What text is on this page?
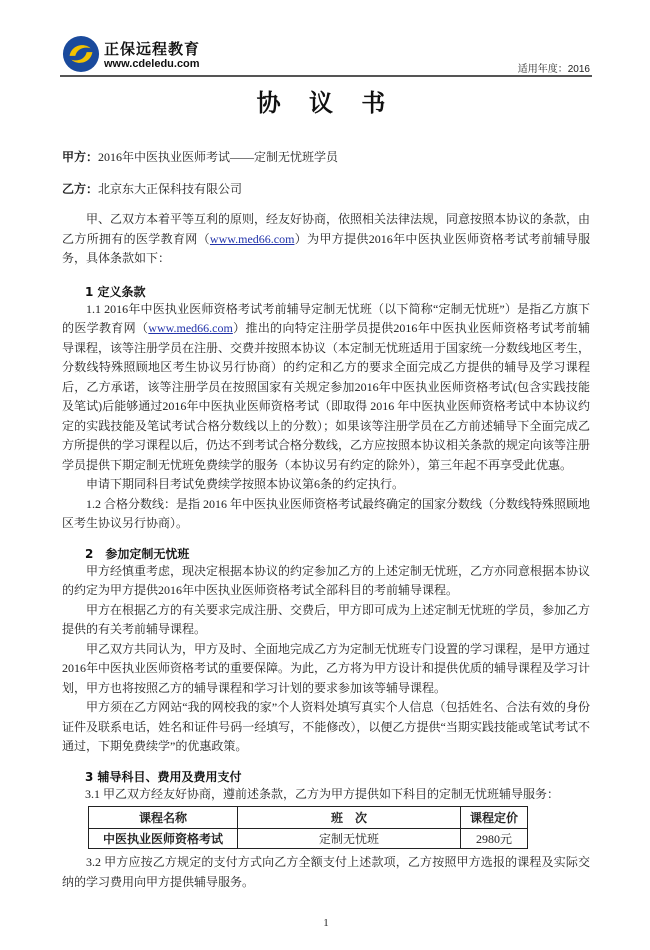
正保远程教育
www.cdeledu.com	适用年度：2016
协 议 书
甲方：2016年中医执业医师考试——定制无忧班学员
乙方：北京东大正保科技有限公司
甲、乙双方本着平等互利的原则，经友好协商，依照相关法律法规，同意按照本协议的条款，由乙方所拥有的医学教育网（www.med66.com）为甲方提供2016年中医执业医师资格考试考前辅导服务，具体条款如下：
1 定义条款
1.1 2016年中医执业医师资格考试考前辅导定制无忧班（以下简称“定制无忧班”）是指乙方旗下的医学教育网（www.med66.com）推出的向特定注册学员提供2016年中医执业医师资格考试考前辅导课程，该等注册学员在注册、交费并按照本协议（本定制无忧班适用于国家统一分数线地区考生，分数线特殊照顾地区考生协议另行协商）的约定和乙方的要求全面完成乙方提供的辅导及学习课程后，乙方承诺，该等注册学员在按照国家有关规定参加2016年中医执业医师资格考试(包含实践技能及笔试)后能够通过2016年中医执业医师资格考试（即取得 2016 年中医执业医师资格考试中本协议约定的实践技能及笔试考试合格分数线以上的分数）；如果该等注册学员在乙方前述辅导下全面完成乙方所提供的学习课程以后，仍达不到考试合格分数线，乙方应按照本协议相关条款的规定向该等注册学员提供下期定制无忧班免费续学的服务（本协议另有约定的除外），第三年起不再享受此优惠。
申请下期同科目考试免费续学按照本协议第6条的约定执行。
1.2 合格分数线：是指 2016 年中医执业医师资格考试最终确定的国家分数线（分数线特殊照顾地区考生协议另行协商）。
2　参加定制无忧班
甲方经慎重考虑，现决定根据本协议的约定参加乙方的上述定制无忧班，乙方亦同意根据本协议的约定为甲方提供2016年中医执业医师资格考试全部科目的考前辅导课程。
甲方在根据乙方的有关要求完成注册、交费后，甲方即可成为上述定制无忧班的学员，参加乙方提供的有关考前辅导课程。
甲乙双方共同认为，甲方及时、全面地完成乙方为定制无忧班专门设置的学习课程，是甲方通过2016年中医执业医师资格考试的重要保障。为此，乙方将为甲方设计和提供优质的辅导课程及学习计划，甲方也将按照乙方的辅导课程和学习计划的要求参加该等辅导课程。
甲方须在乙方网站“我的网校我的家”个人资料处填写真实个人信息（包括姓名、合法有效的身份证件及联系电话，姓名和证件号码一经填写，不能修改），以便乙方提供“当期实践技能或笔试考试不通过，下期免费续学”的优惠政策。
3 辅导科目、费用及费用支付
3.1 甲乙双方经友好协商，遵前述条款，乙方为甲方提供如下科目的定制无忧班辅导服务：
课程名称	班　次	课程定价
中医执业医师资格考试	定制无忧班	2980元
3.2 甲方应按乙方规定的支付方式向乙方全额支付上述款项，乙方按照甲方选报的课程及实际交纳的学习费用向甲方提供辅导服务。
1
